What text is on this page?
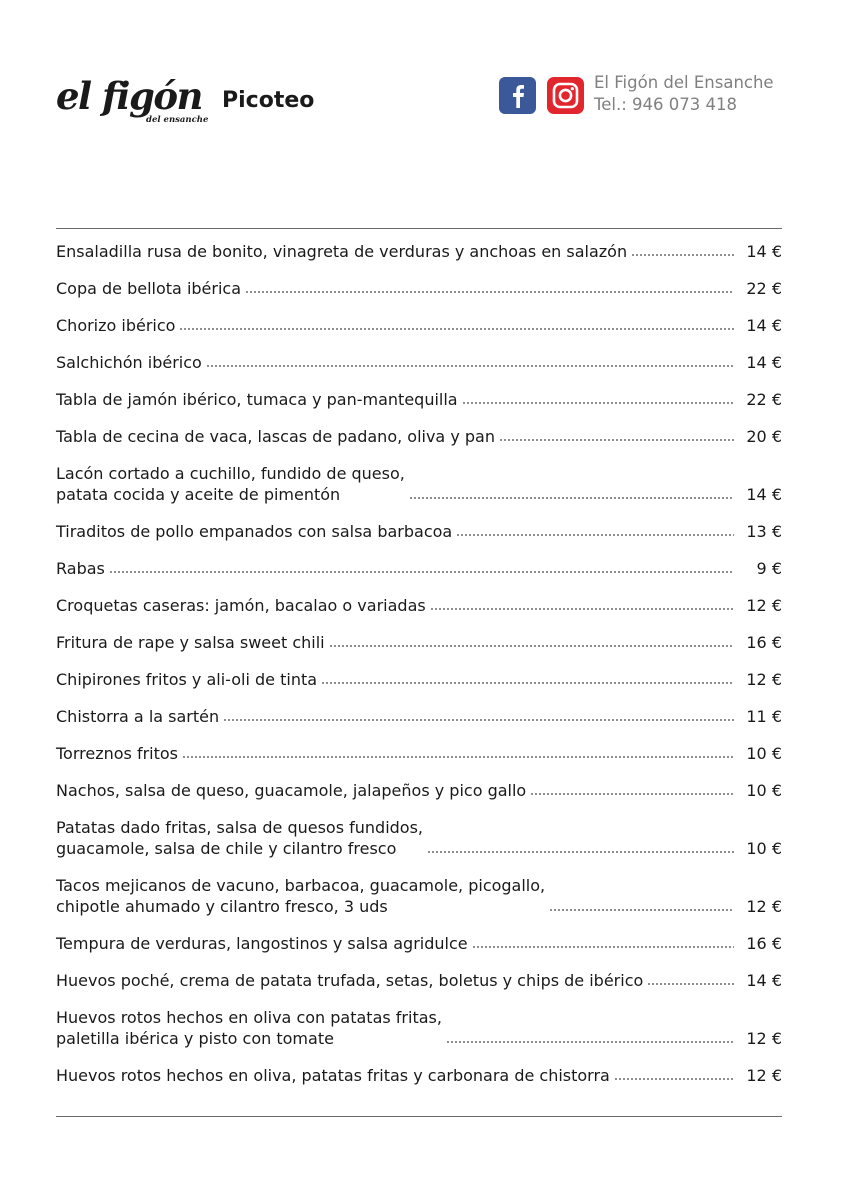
el figón
del ensanche
Picoteo
El Figón del Ensanche
Tel.: 946 073 418
Ensaladilla rusa de bonito, vinagreta de verduras y anchoas en salazón	14 €
Copa de bellota ibérica	22 €
Chorizo ibérico	14 €
Salchichón ibérico	14 €
Tabla de jamón ibérico, tumaca y pan-mantequilla	22 €
Tabla de cecina de vaca, lascas de padano, oliva y pan	20 €
Lacón cortado a cuchillo, fundido de queso,
patata cocida y aceite de pimentón	14 €
Tiraditos de pollo empanados con salsa barbacoa	13 €
Rabas	9 €
Croquetas caseras: jamón, bacalao o variadas	12 €
Fritura de rape y salsa sweet chili	16 €
Chipirones fritos y ali-oli de tinta	12 €
Chistorra a la sartén	11 €
Torreznos fritos	10 €
Nachos, salsa de queso, guacamole, jalapeños y pico gallo	10 €
Patatas dado fritas, salsa de quesos fundidos,
guacamole, salsa de chile y cilantro fresco	10 €
Tacos mejicanos de vacuno, barbacoa, guacamole, picogallo,
chipotle ahumado y cilantro fresco, 3 uds	12 €
Tempura de verduras, langostinos y salsa agridulce	16 €
Huevos poché, crema de patata trufada, setas, boletus y chips de ibérico	14 €
Huevos rotos hechos en oliva con patatas fritas,
paletilla ibérica y pisto con tomate	12 €
Huevos rotos hechos en oliva, patatas fritas y carbonara de chistorra	12 €
